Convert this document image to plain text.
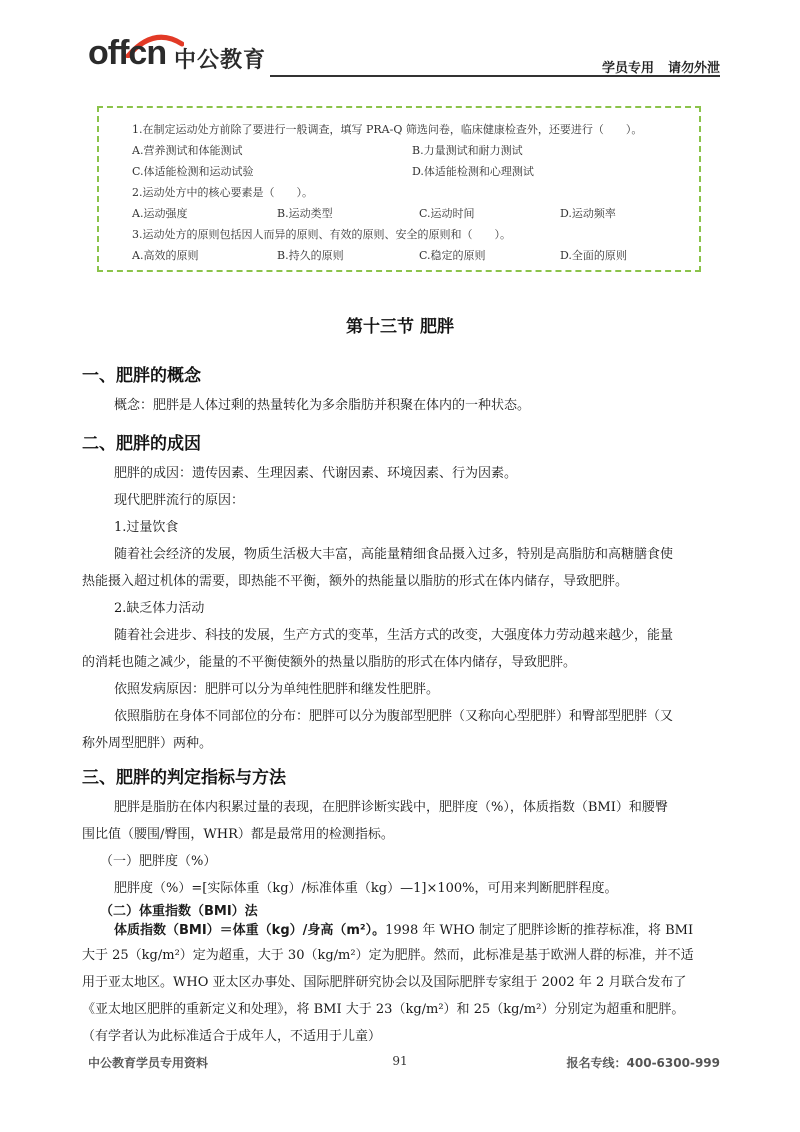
offcn 中公教育	学员专用 请勿外泄
1.在制定运动处方前除了要进行一般调查，填写 PRA-Q 筛选问卷，临床健康检查外，还要进行（　　）。
A.营养测试和体能测试	B.力量测试和耐力测试
C.体适能检测和运动试验	D.体适能检测和心理测试
2.运动处方中的核心要素是（　　）。
A.运动强度	B.运动类型	C.运动时间	D.运动频率
3.运动处方的原则包括因人而异的原则、有效的原则、安全的原则和（　　）。
A.高效的原则	B.持久的原则	C.稳定的原则	D.全面的原则
第十三节 肥胖
一、肥胖的概念
概念：肥胖是人体过剩的热量转化为多余脂肪并积聚在体内的一种状态。
二、肥胖的成因
肥胖的成因：遗传因素、生理因素、代谢因素、环境因素、行为因素。
现代肥胖流行的原因：
1.过量饮食
随着社会经济的发展，物质生活极大丰富，高能量精细食品摄入过多，特别是高脂肪和高糖膳食使
热能摄入超过机体的需要，即热能不平衡，额外的热能量以脂肪的形式在体内储存，导致肥胖。
2.缺乏体力活动
随着社会进步、科技的发展，生产方式的变革，生活方式的改变，大强度体力劳动越来越少，能量
的消耗也随之减少，能量的不平衡使额外的热量以脂肪的形式在体内储存，导致肥胖。
依照发病原因：肥胖可以分为单纯性肥胖和继发性肥胖。
依照脂肪在身体不同部位的分布：肥胖可以分为腹部型肥胖（又称向心型肥胖）和臀部型肥胖（又
称外周型肥胖）两种。
三、肥胖的判定指标与方法
肥胖是脂肪在体内积累过量的表现，在肥胖诊断实践中，肥胖度（%），体质指数（BMI）和腰臀
围比值（腰围/臀围，WHR）都是最常用的检测指标。
（一）肥胖度（%）
肥胖度（%）=[实际体重（kg）/标准体重（kg）—1]×100%，可用来判断肥胖程度。
（二）体重指数（BMI）法
体质指数（BMI）＝体重（kg）/身高（m²）。1998 年 WHO 制定了肥胖诊断的推荐标准，将 BMI
大于 25（kg/m²）定为超重，大于 30（kg/m²）定为肥胖。然而，此标准是基于欧洲人群的标准，并不适
用于亚太地区。WHO 亚太区办事处、国际肥胖研究协会以及国际肥胖专家组于 2002 年 2 月联合发布了
《亚太地区肥胖的重新定义和处理》，将 BMI 大于 23（kg/m²）和 25（kg/m²）分别定为超重和肥胖。
（有学者认为此标准适合于成年人，不适用于儿童）
中公教育学员专用资料	91	报名专线：400-6300-999
